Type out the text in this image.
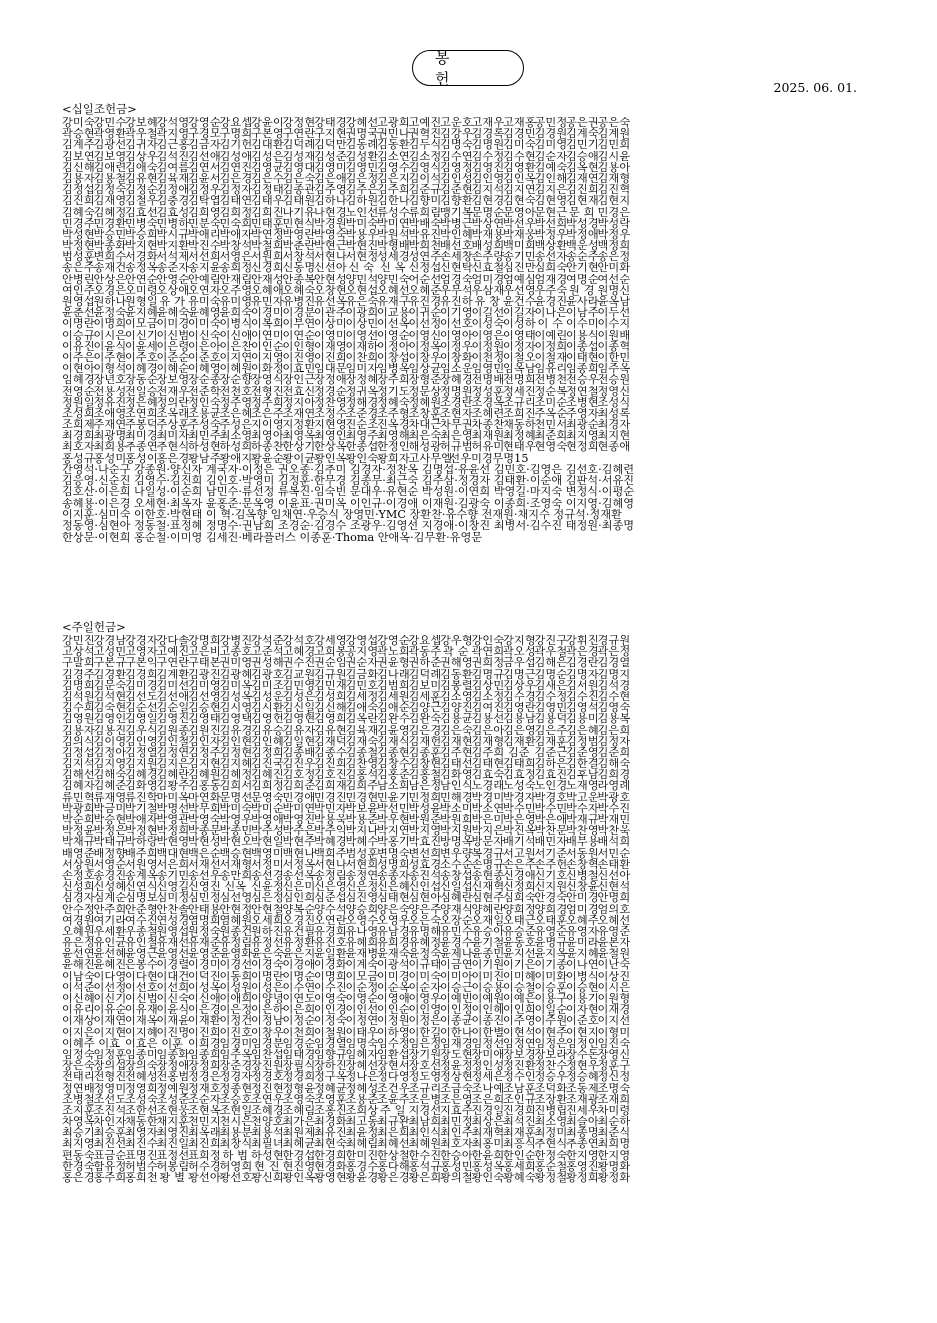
봉 헌	2025. 06. 01.
<십일조헌금>
강미숙강민수강보혜강석영강영순강요셉강윤이강정현강태경강혜선고광희고예진고운호고재우고재홍공민정공은권공은숙
곽승현곽영환곽우철곽지영구경모구명희구본영구연란구지현권명국권민나권혁진김강우김경록김경민김경원김계숙김계원
김계주김광선김귀자김근홍김금자김기헌김대환김덕례김덕만김동례김동환김두식김명숙김명원김미숙김미영김민기김민희
김보연김보영김상우김석진김선애김성애김성은김성재김성준김성환김소연김소정김수연김수정김수현김순자김승애김시윤
김신해김애련김애숙김여름김연서김연진김영균김영대김영미김영민김영수김영식김영정김영진김영환김예숙김옥현김용아
김용자김용철김유현김육재김윤서김은경김은수김은숙김은애김은정김은지김이석김인성김인영김인옥김인해김재연김재형
김정섭김정숙김정순김정애김정우김정자김정태김종관김주영김주은김주희김준규김준현김지석김지연김지은김진희김진혁
김진희김재영김철우김충경김탁엽김태연김태우김태원김하나김하원김한나김향미김향환김현경김현숙김현영김현재김현지
김혜숙김혜정김효선김효성김희영김희정김희진나기유나현경노인선류성수류희림맹기복문명순문영아문현근 문 희 민경은
민경주민경환민병숙민병하민분숙민숙희민태훈민현식박경원박미숙박미연박배숙박병근박상연박선우박선희박성경박성락
박성현박승민박승희박시규박애리박애자박연정박영란박영숙박용우박원석박유진박인혜박재용박재웅박정우박정애박정우
박정현박종화박지현박지환박진수박창석박철희박춘란박현근박현진박형배박희천배선호배성희백미희백상환백운성백정희
범성훈변희수서경화서석제서선희서영은서원희서창석서현나서현정성세경성연주손세창손주량송기민송선자송순주송은정
송은주송재건송정옥송준자송지윤송희정신경희신동명신선아 신 숙 신 옥 신정섭신현탁신효철심진만심희숙안기현안미화
안병린안상은안연순안영순안예림안재림안재성안종복안현성양민석양민숙어순선엄경숙엄미경엄예심엄재경여명순여선순
여인주오경은오미령오상애오연자오주영오혜애오혜숙오창현오현섭오혜선오혜준우무석우삼재우선영우주숙 원 경 원명신
원영섭원하나원형일 유 가 유미숙유미영유민자유병진유선옥유은숙유재구유진경유진하 유 창 윤건수윤경진윤사라윤옥남
윤춘선윤정숙윤지혜윤혜숙윤혜영윤희숙이경미이경분이관주이광희이교용이귀순이기영이길선이길자이나은이남주이두선
이명란이명희이모금이미경이미숙이병식이복희이부연이상미이상민이선옥이선정이선호이성숙이성하 이 수 이수미이수지
이승규이시은이신기이신범이신숙이신애이연미이연순이영미이영선이영순이영신이영아이영은이영태이예린이용식이원배
이유진이윤식이윤세이은령이은아이은찬이인순이인형이재영이재하이정아이정옥이정우이정원이정자이정희이종섭이종혁
이주은이주현이주호이준순이준호이지연이지영이진영이진희이찬희이창섭이창우이창화이천정이철오이철재이태현이한민
이현아이형석이혜경이혜순이혜영이혜원이화정이효민임대문임미자임병옥임상균임소운임영민임옥남임유리임종희임주옥
임혜경장년호장동순장보영장순종장순향장영식장인근장정애장정혜장주희장형준장혜경전명배전명희전병천전승우전승원
전영순전용성전일승전재우전준학전천호전형진전효신정경순정귀옥정기도정문상정명원정성훈정세진정순복정연철정영신
정원일정유진정은혜정의란정인숙정주영정주희정지아정찬영정해경정혜숙정혜원조경란조경옥조규리조미순조병현조성식
조성희조애영조연희조옥래조용균조은혜조은주조재연조정수조준경조주형조창훈조현자조혜련조희진주옥순주영자최성록
조희제주재연주봉덕주상훈주성숙주성은지이영지정환지현영진순조진옥경차대근차무권차종찬채동하천민서최광순최경자
최경희최광명최미경최미자최민주최소영최영아최영옥최영인최영주최영해최은숙최은영최재원최정혜최준희최지영최지현
최호자최희용추종연추현식하성현하성희하종찬한상기한상옥한종섭한정인해성광허규범허유미현태우현영숙현정희현종애
홍성규홍성미홍성이홍은경황남주황애지황윤순황이균황인옥황인숙황희자고사무엘선우미경무명15
간영석·나순구 강종원·양신자 계국자·이정은 권오종·김추미 김경자·정찬옥 김명섭·유윤선 김민호·김영은 김선호·김혜련
김응영·신순진 김영수·김진희 김인호·박영미 김정훈·한무경 김종무·최근숙 김주삼·정경자 김태환·이순애 김판석·서유진
김호산·이은희 나일성·이순희 남민수·류선정 류복진·임숙빈 문대우·유현순 박성원·이연희 박영길·마지숙 변정식·이평순
송혜용·이은경 오세현·최옥자 윤홍준·문옥영 이윤표·권미옥 이인규·이경애 이재원·김광숙 이종희·조영숙 이지영·김혜영
이지훈·심미숙 이한호·박현태 이 혁·김옥향 임채연·우승식 장영민·YMC 장환찬·유수향 전재원·채지수 정규석·정재환
정동영·심현아 정동철·표정혜 정명수·권남희 조경순·김경수 조광우·김영선 지경애·이창진 최병서·김수진 태정원·최종명
한상문·이현희 홍순철·이미영 김세진·베라플러스 이종훈·Thoma 안애옥·김무환·유영문
<주일헌금>
강민진강경남강경자강다솔강명희강병진강석준강석호강세영강영섭강영순강요셉강우형강인숙강지형강진구강휘진경규원
고상석고성민고영자고예진고은비고종호고준석고혜경고희봉공지영곽노희곽동주 곽 순 곽연희곽오성곽우철곽은경곽은정
구말희구본규구본익구연란구태본권미영권성해권수진권순임권순자권윤형권하준권해영권희정금우섭김해은김경란김경열
김경주김경환김경희김계환김광진김광혜김광호김교원김규원김금화김나래김덕례김동환김명규김명근김명순김명자김명지
김명희김문숙김미경김미선김미영김미옥김미조김민영김민재김민호김범희김보미김봉렬김상민김상우김새은김서원김석경
김석원김석현김선도김선애김선영김성옥김성운김성은김성희김세정김세원김세훈김소영김소정김수경김수정김수진김수현
김수희김숙현김순선김순일김승현김시영김시환김신일김신해김애숙김애순김양근김양진김여진김영란김영민김영석김영숙
김영원김영인김영일김영진김영태김영택김영헌김영현김영희김옥란김완수김완숙김용균김용선김용남김용덕김용미김용복
김용자김용진김우식김원종김원진김유경김유승김유자김유현김육재김윤영김은경김은숙김은아김은영김은주김은혜김은희
김의식김이영김인영김인철김인자김인현김인혜김일현김재덕김재숙김재식김재헌김재현김재형김재환김재훈김정범김정자
김정섭김정아김정열김정연김정주김정현김정희김종배김종수김종철김종현김종훈김주현김주희 김준 김준근김준영김준희
김지석김지영김지원김지은김지현김지혜김진국김진우김진희김찬영김창수김창현김태선김태현김태희김하은김한결김해숙
김해선김해숙김혜경김혜란김혜원김혜정김혜진김호정김호진김홍석김홍준김홍철김화영김효숙김효정김효진김후남김희경
김혜자김혜준김화영김황주김홍동김희서김희정김희준김희재김희주남소희남은정남인식노경래노성숙노인경노재영라영례
류민혁류재영류진학마미옥마연화문명선문영숙민경애민경진민경현민윤기민정희민해경박경미박경자박경호박고운박광호
박광희박금미박기철박명선박무희박미숙박미순박미연박민자박보윤박선민박성윤박소미박소연박수민박수민박수자박수진
박순희박승현박애자박영관박영숙박영우박영애박영진박용욱박용준박우현박원준박원희박은미박은영박은애박재규박재민
박정윤박정은박정현박정희박종문박종민박주성박주은박주익박지나박지연박지영박지원박지은박진옥박찬문박찬영박찬욱
박채규박태규박하랑박현영박현성박현오박현일박현주박혜경박혜수박홍기박효진방명옥방문자배기석배민자배부용배석희
배영준배정향배주희백대현백은순백승현백영미백현나백희주범성훈변명숙변선희변우량복경규서고원서기준서동원서민순
서상원서영순서원영서은희서재선서재형서정미서정옥서현나서현희성명희성효경소수순손명규손은주손주헌손창혁손태환
손정호송경진송계옥송기민송선우송만희송선경송선옥송정림송정연송종자송진석송창섭송현종신경애신기호신병철신선아
신성희신성혜신연식신영길신영진 신옥 신윤정신은미신은영신은정신은혜신인섭신일섭신재혁신정희신지원신창윤신현석
심경자심계순심명보심미정심민정심선영심은정심인희심준섭심진영심태현심현아심혜란심현주심희숙안경숙안미경안명희
안수정안주희안준형안찬솔안태용안현정안현철양복순양수석양승희양은숙양은주양재식양혜란양희정양희경엄미경엄의호
여경원여기라여수진연성경염명희염혜원오세희오경진오연란오영수오영우오은숙오장순오재일오태근오태훈오혜주오혜선
오혜원우세환우종철원영섭원정숙원종건원하진유건필유경희유나영유남경유명해유민수유승아유승준유영순유영자유영준
유은정유인균유인철유재선유재준유정림유정선유정환유진호유혜희유희경유혜정윤경수윤기철윤동호윤명규윤미라윤본자
윤선연윤선혜윤영근윤영선윤영준윤영화윤은숙윤은지윤일환윤재병윤재숙윤정숙윤제나윤종민윤지선윤지옥윤지혜윤철원
윤해진윤혜진은봉수이경렬이경미이경선이경숙이경애이경화이계숙이광석이규태이금연이기원이기은이기종이나연이난숙
이남숙이다영이다현이대건이덕진이동희이명란이명순이명희이모금이미경이미숙이미아이미진이미혜이미화이병식이상진
이석준이선정이선호이선희이성옥이성원이성은이수연이수진이순정이순옥이순자이승근이승용이승철이승훈이승현이시은
이신혜이신기이신범이신숙이신애이애희이양녕이연도이영숙이영순이영애이영우이예빈이예원이예은이용구이용기이원형
이유리이유순이유재이윤식이은경이은정이은하이은희이인경이인선이인순이인영이인정이인혜이인희이일순이자현이재경
이재상이재연이재옥이재윤이재환이정건이정남이정순이정숙이정연이정원이정은이종균이종진이주영이주원이준호이지선
이지은이지현이지혜이진명이진희이진호이창우이천희이철원이태우이하영이한길이한나이한별이현석이현주이현지이형미
이혜주 이효 이효은 이훈 이희경임경미임경분임경순임경열임명숙임수정임은정임재경임정선임정연임정은임정인임진숙
임정숙임정훈임종미임종화임종희임주옥임찬섭임태경임향규임혜자임환섭장기원장도현장미애장보경장보라장수돈장영신
장은숙장의섭장의숙장정애장정희장준경장진원장필식장하진장혜선장현서장호선정윤정정인성정진환정찬수정현우정훈구
전태리전형진전혜성전홍범정경은정경자정경호정경희정구옥정나은정다영정도영정상현정세은정수인정승우정승혜정신정
정연배정영미정영희정예원정재호정종현정진현정형윤정혜균정혜성조건우조규리조금숙조나예조남훈조덕화조동제조명숙
조병철조선도조성숙조성준조순자조승호조연우조영숙조영훈조용준조윤주조은병조은영조은희조인규조장환조재광조재희
조지훈조진석조한선조현웅조현옥조현일조혜경조혜림조홍진조희상 주 일 지경선지효주진경일진경희진병립진세우차미령
차영옥차인자채동한채지훈천민지천시은천양호최가은최경화최고동최규완최남희최민정최상은최석진최소영최슬아최순하
최승기최승훈최영자최영진최옥래최용분최용석최원제최유진최윤정최은희최인식최인주최재혁최재훈최정미최종명최준식
최지영최진선최진수최진일최진희최창식최필녀최혜균최현숙최혜림최혜선최혜원최호자최홍미최흥식추현식추종연최희명
편동숙표금순표명진표정선표희정 하 범 하성현한경섭한경희한미진한상철한수진한승아한윤희한인순한정숙한지영한지영
한경숙함유정허범수허봉림허수경허영희 현 진 현진영현경화홍경수홍다해홍석규홍성민홍성옥홍세희홍순철홍영진황명화
홍은경홍주희홍희천 황 별 황선아황선호황신희황인옥황영현황윤경황은경황은희황의철황인숙황혜숙황정철황정희황정화
